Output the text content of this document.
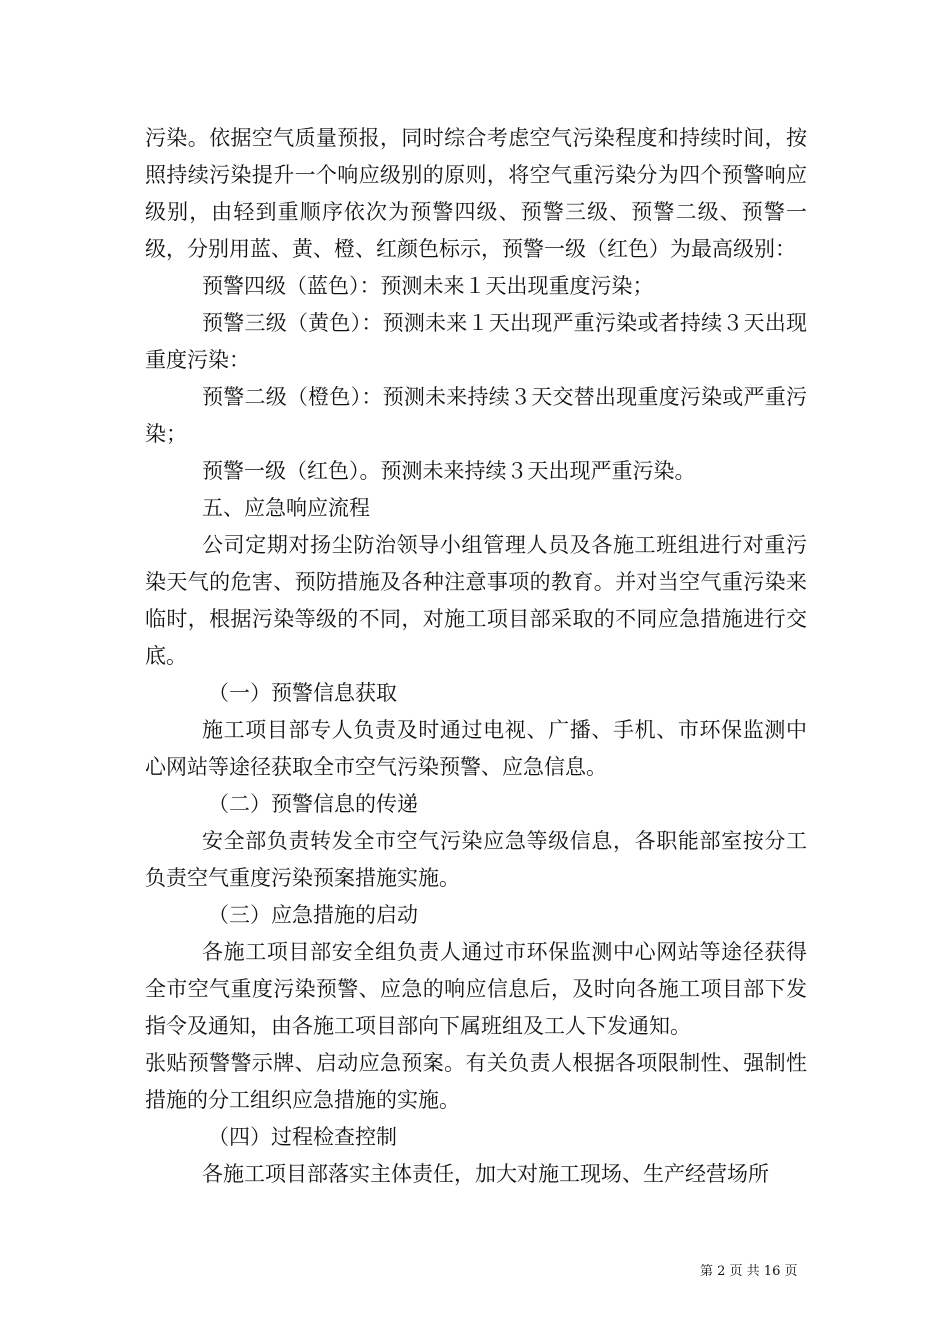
污染。依据空气质量预报，同时综合考虑空气污染程度和持续时间，按照持续污染提升一个响应级别的原则，将空气重污染分为四个预警响应级别，由轻到重顺序依次为预警四级、预警三级、预警二级、预警一级，分别用蓝、黄、橙、红颜色标示，预警一级（红色）为最高级别：

预警四级（蓝色）：预测未来１天出现重度污染；

预警三级（黄色）：预测未来１天出现严重污染或者持续３天出现重度污染：

预警二级（橙色）：预测未来持续３天交替出现重度污染或严重污染；

预警一级（红色）。预测未来持续３天出现严重污染。

五、应急响应流程

公司定期对扬尘防治领导小组管理人员及各施工班组进行对重污染天气的危害、预防措施及各种注意事项的教育。并对当空气重污染来临时，根据污染等级的不同，对施工项目部采取的不同应急措施进行交底。

（一）预警信息获取

施工项目部专人负责及时通过电视、广播、手机、市环保监测中心网站等途径获取全市空气污染预警、应急信息。

（二）预警信息的传递

安全部负责转发全市空气污染应急等级信息，各职能部室按分工负责空气重度污染预案措施实施。

（三）应急措施的启动

各施工项目部安全组负责人通过市环保监测中心网站等途径获得全市空气重度污染预警、应急的响应信息后，及时向各施工项目部下发指令及通知，由各施工项目部向下属班组及工人下发通知。

张贴预警警示牌、启动应急预案。有关负责人根据各项限制性、强制性措施的分工组织应急措施的实施。

（四）过程检查控制

各施工项目部落实主体责任，加大对施工现场、生产经营场所

第 2 页 共 16 页
